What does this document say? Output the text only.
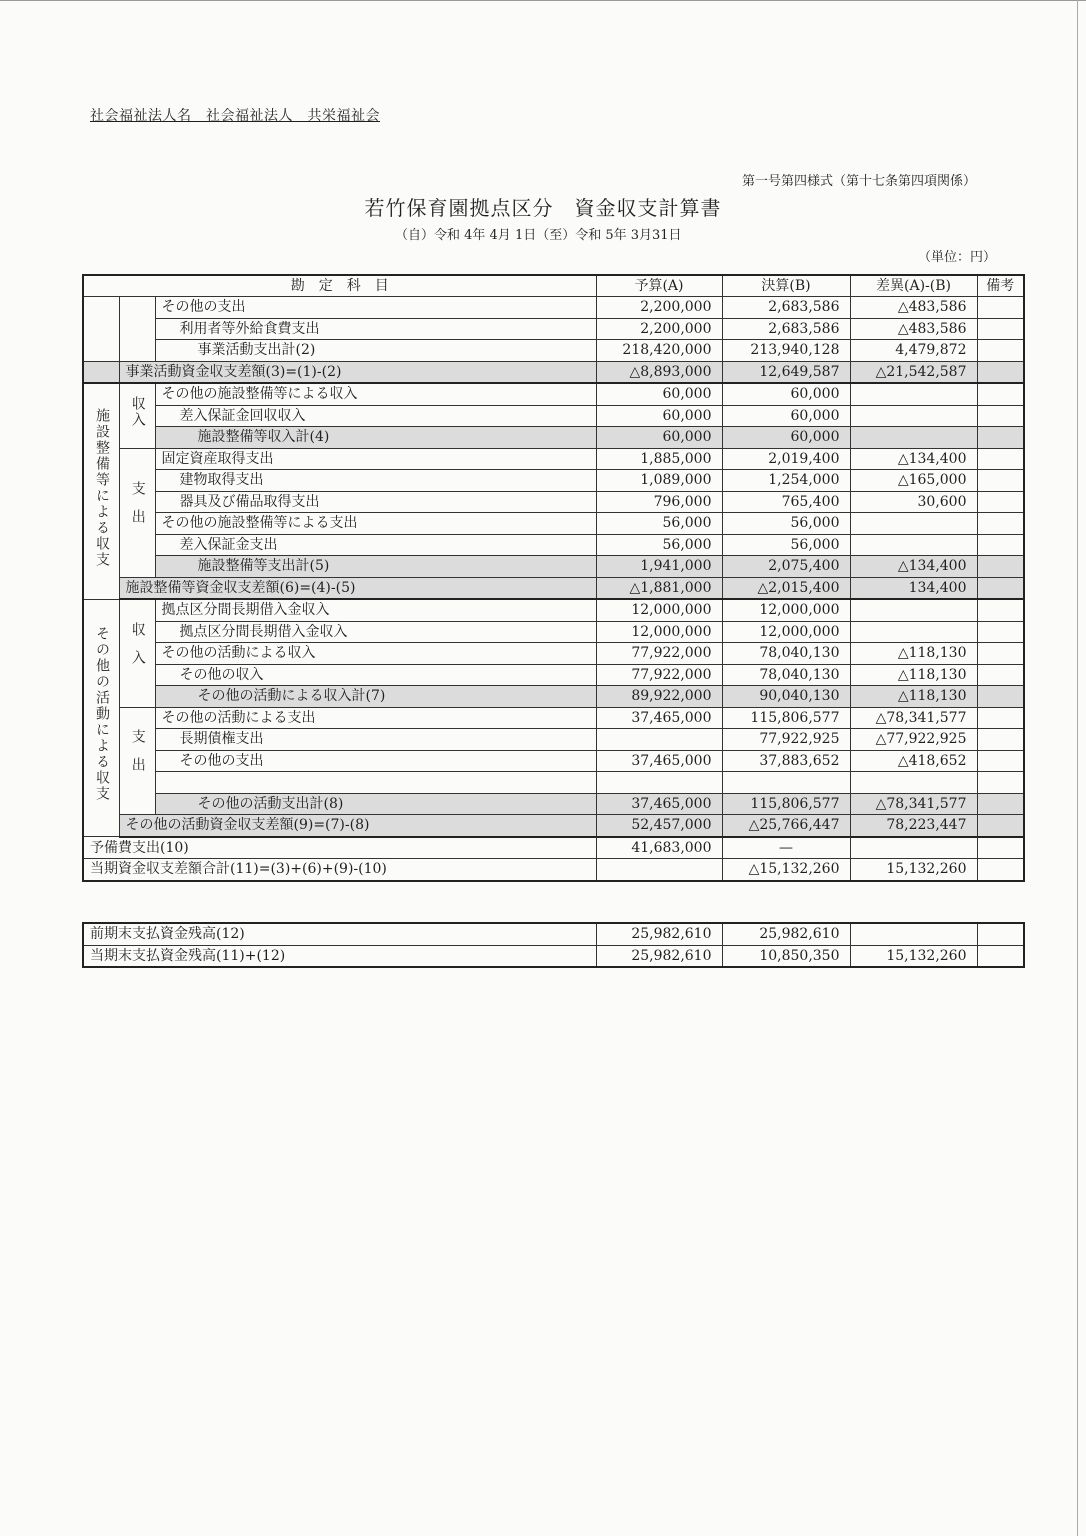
社会福祉法人名　社会福祉法人　共栄福祉会
第一号第四様式（第十七条第四項関係）
若竹保育園拠点区分　資金収支計算書
（自）令和 4年 4月 1日（至）令和 5年 3月31日
（単位：円）
勘　定　科　目			予算(A)	決算(B)	差異(A)-(B)	備考
		その他の支出	2,200,000	2,683,586	△483,586	
		利用者等外給食費支出	2,200,000	2,683,586	△483,586	
		事業活動支出計(2)	218,420,000	213,940,128	4,479,872	
	事業活動資金収支差額(3)=(1)-(2)		△8,893,000	12,649,587	△21,542,587	
施設整備等による収支	収入	その他の施設整備等による収入	60,000	60,000		
		差入保証金回収収入	60,000	60,000		
		施設整備等収入計(4)	60,000	60,000		
	支出	固定資産取得支出	1,885,000	2,019,400	△134,400	
		建物取得支出	1,089,000	1,254,000	△165,000	
		器具及び備品取得支出	796,000	765,400	30,600	
		その他の施設整備等による支出	56,000	56,000		
		差入保証金支出	56,000	56,000		
		施設整備等支出計(5)	1,941,000	2,075,400	△134,400	
	施設整備等資金収支差額(6)=(4)-(5)		△1,881,000	△2,015,400	134,400	
その他の活動による収支	収入	拠点区分間長期借入金収入	12,000,000	12,000,000		
		拠点区分間長期借入金収入	12,000,000	12,000,000		
		その他の活動による収入	77,922,000	78,040,130	△118,130	
		その他の収入	77,922,000	78,040,130	△118,130	
		その他の活動による収入計(7)	89,922,000	90,040,130	△118,130	
	支出	その他の活動による支出	37,465,000	115,806,577	△78,341,577	
		長期債権支出		77,922,925	△77,922,925	
		その他の支出	37,465,000	37,883,652	△418,652	

		その他の活動支出計(8)	37,465,000	115,806,577	△78,341,577	
	その他の活動資金収支差額(9)=(7)-(8)		52,457,000	△25,766,447	78,223,447	
予備費支出(10)			41,683,000	—		

当期資金収支差額合計(11)=(3)+(6)+(9)-(10)				△15,132,260	15,132,260	
前期末支払資金残高(12)	25,982,610	25,982,610		
当期末支払資金残高(11)+(12)	25,982,610	10,850,350	15,132,260	
